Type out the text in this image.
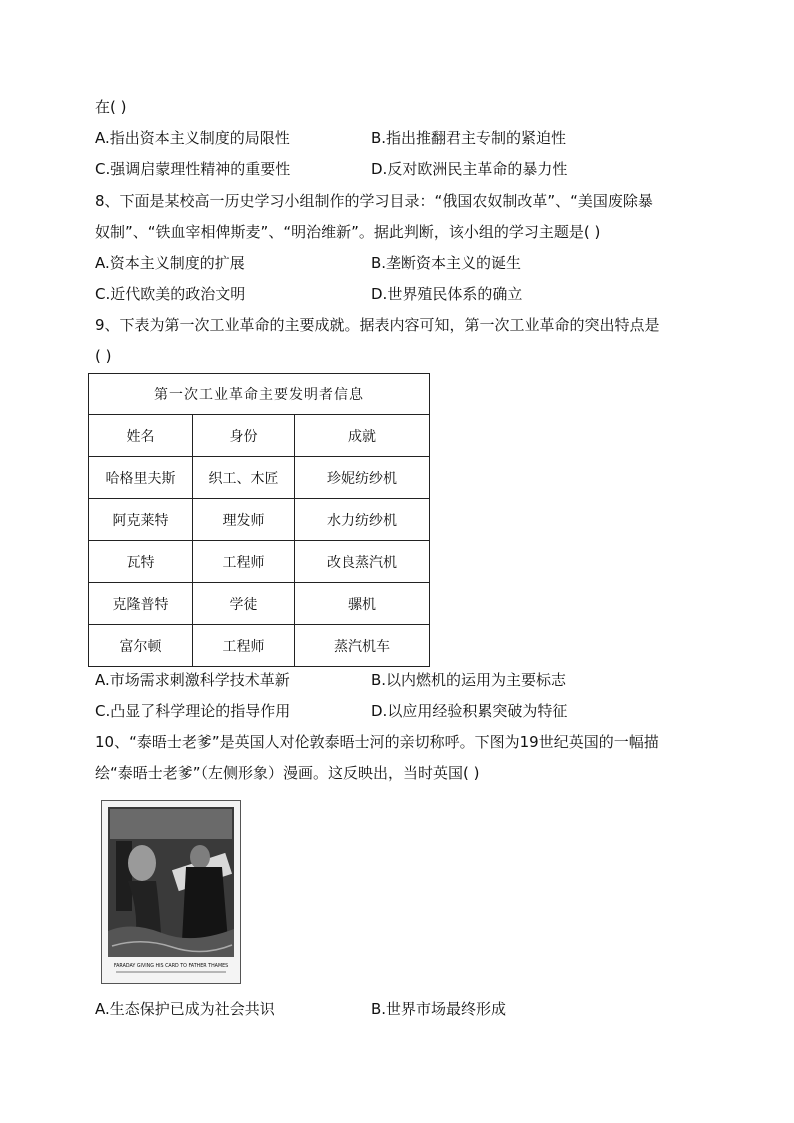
在( )
A.指出资本主义制度的局限性	B.指出推翻君主专制的紧迫性
C.强调启蒙理性精神的重要性	D.反对欧洲民主革命的暴力性
8、下面是某校高一历史学习小组制作的学习目录：“俄国农奴制改革”、“美国废除暴
奴制”、“铁血宰相俾斯麦”、“明治维新”。据此判断，该小组的学习主题是( )
A.资本主义制度的扩展	B.垄断资本主义的诞生
C.近代欧美的政治文明	D.世界殖民体系的确立
9、下表为第一次工业革命的主要成就。据表内容可知，第一次工业革命的突出特点是
( )
第一次工业革命主要发明者信息		
姓名	身份	成就
哈格里夫斯	织工、木匠	珍妮纺纱机
阿克莱特	理发师	水力纺纱机
瓦特	工程师	改良蒸汽机
克隆普特	学徒	骡机
富尔顿	工程师	蒸汽机车
A.市场需求刺激科学技术革新	B.以内燃机的运用为主要标志
C.凸显了科学理论的指导作用	D.以应用经验积累突破为特征
10、“泰晤士老爹”是英国人对伦敦泰晤士河的亲切称呼。下图为19世纪英国的一幅描
绘“泰晤士老爹”（左侧形象）漫画。这反映出，当时英国( )
FARADAY GIVING HIS CARD TO FATHER THAMES
A.生态保护已成为社会共识	B.世界市场最终形成
